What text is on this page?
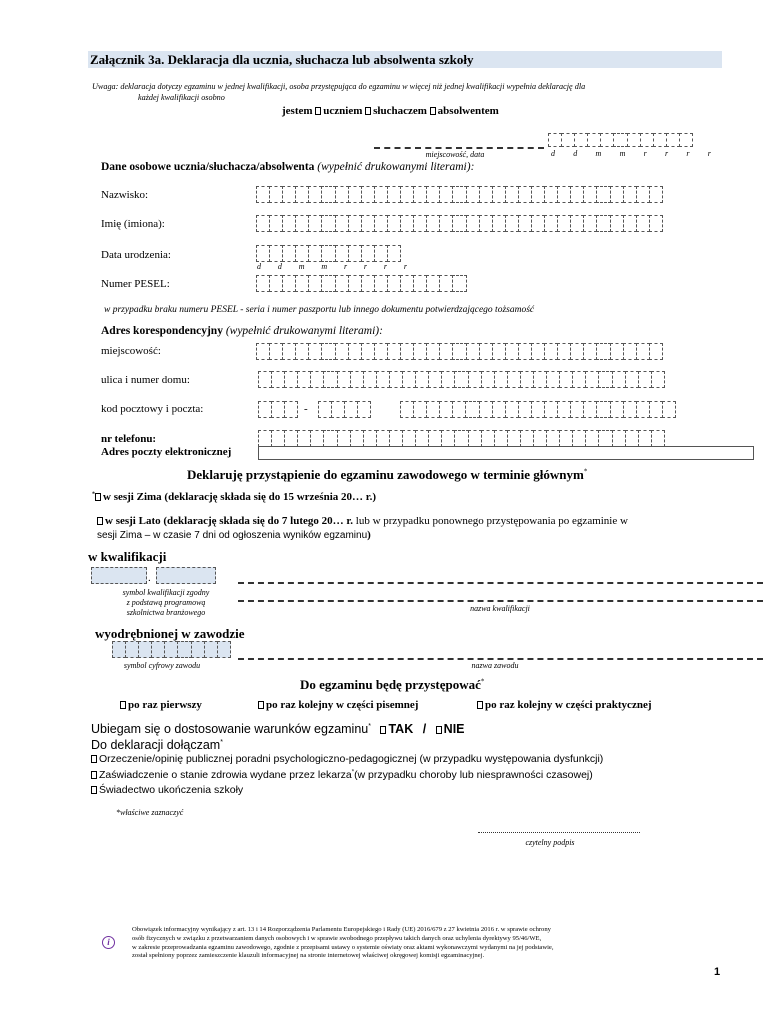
Załącznik 3a. Deklaracja dla ucznia, słuchacza lub absolwenta szkoły
Uwaga: deklaracja dotyczy egzaminu w jednej kwalifikacji, osoba przystępująca do egzaminu w więcej niż jednej kwalifikacji wypełnia deklarację dla
każdej kwalifikacji osobno
jestem uczniem słuchaczem absolwentem
miejscowość, data	d d m m r r r r
Dane osobowe ucznia/słuchacza/absolwenta (wypełnić drukowanymi literami):
Nazwisko:
Imię (imiona):
Data urodzenia:
d d m m r r r r
Numer PESEL:
w przypadku braku numeru PESEL - seria i numer paszportu lub innego dokumentu potwierdzającego tożsamość
Adres korespondencyjny (wypełnić drukowanymi literami):
miejscowość:
ulica i numer domu:
kod pocztowy i poczta:	-
nr telefonu:
Adres poczty elektronicznej
Deklaruję przystąpienie do egzaminu zawodowego w terminie głównym*
* w sesji Zima (deklarację składa się do 15 września 20… r.)
w sesji Lato (deklarację składa się do 7 lutego 20… r. lub w przypadku ponownego przystępowania po egzaminie w
sesji Zima – w czasie 7 dni od ogłoszenia wyników egzaminu)
w kwalifikacji
.
symbol kwalifikacji zgodny
z podstawą programową
szkolnictwa branżowego	nazwa kwalifikacji
wyodrębnionej w zawodzie
symbol cyfrowy zawodu	nazwa zawodu
Do egzaminu będę przystępować*
po raz pierwszy	po raz kolejny w części pisemnej	po raz kolejny w części praktycznej
Ubiegam się o dostosowanie warunków egzaminu* TAK / NIE
Do deklaracji dołączam*
Orzeczenie/opinię publicznej poradni psychologiczno-pedagogicznej (w przypadku występowania dysfunkcji)
Zaświadczenie o stanie zdrowia wydane przez lekarza*(w przypadku choroby lub niesprawności czasowej)
Świadectwo ukończenia szkoły
*właściwe zaznaczyć
czytelny podpis
i
Obowiązek informacyjny wynikający z art. 13 i 14 Rozporządzenia Parlamentu Europejskiego i Rady (UE) 2016/679 z 27 kwietnia 2016 r. w sprawie ochrony
osób fizycznych w związku z przetwarzaniem danych osobowych i w sprawie swobodnego przepływu takich danych oraz uchylenia dyrektywy 95/46/WE,
w zakresie przeprowadzania egzaminu zawodowego, zgodnie z przepisami ustawy o systemie oświaty oraz aktami wykonawczymi wydanymi na jej podstawie,
został spełniony poprzez zamieszczenie klauzuli informacyjnej na stronie internetowej właściwej okręgowej komisji egzaminacyjnej.
1
